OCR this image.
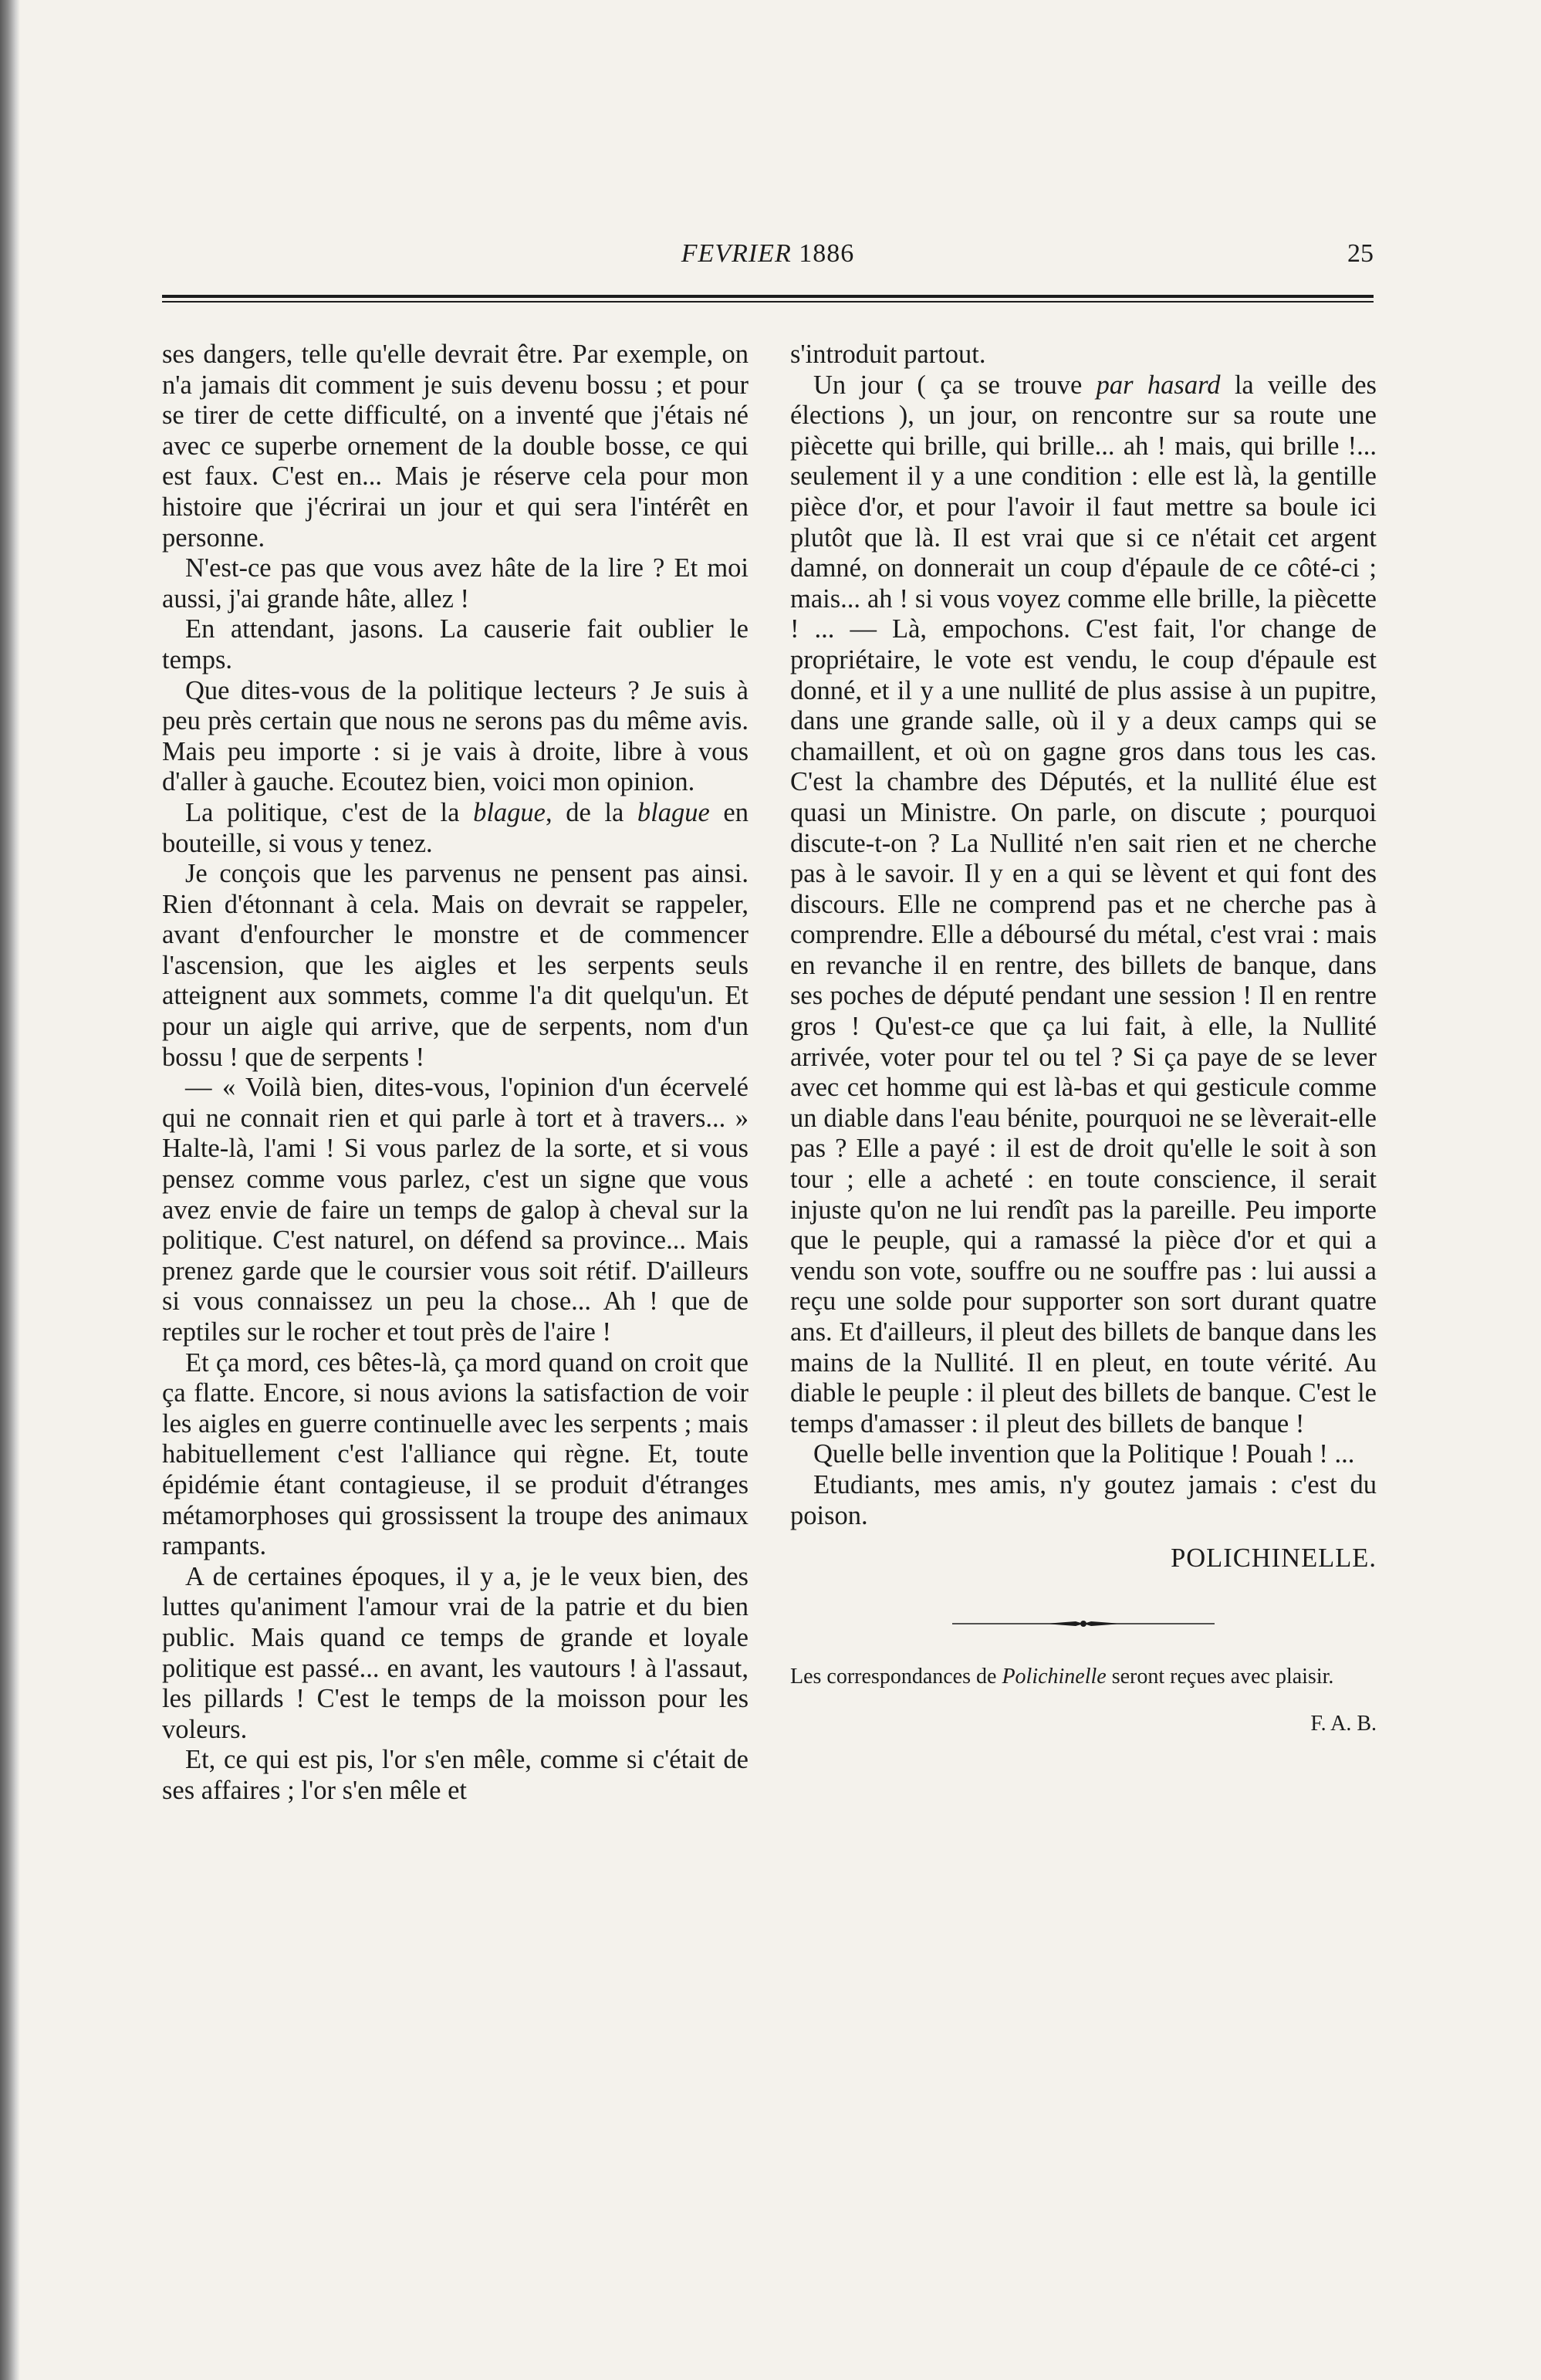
FEVRIER 1886	25

ses dangers, telle qu'elle devrait être. Par exemple, on n'a jamais dit comment je suis devenu bossu ; et pour se tirer de cette difficulté, on a inventé que j'étais né avec ce superbe ornement de la double bosse, ce qui est faux. C'est en... Mais je réserve cela pour mon histoire que j'écrirai un jour et qui sera l'intérêt en personne.

N'est-ce pas que vous avez hâte de la lire ? Et moi aussi, j'ai grande hâte, allez !

En attendant, jasons. La causerie fait oublier le temps.

Que dites-vous de la politique lecteurs ? Je suis à peu près certain que nous ne serons pas du même avis. Mais peu importe : si je vais à droite, libre à vous d'aller à gauche. Ecoutez bien, voici mon opinion.

La politique, c'est de la blague, de la blague en bouteille, si vous y tenez.

Je conçois que les parvenus ne pensent pas ainsi. Rien d'étonnant à cela. Mais on devrait se rappeler, avant d'enfourcher le monstre et de commencer l'ascension, que les aigles et les serpents seuls atteignent aux sommets, comme l'a dit quelqu'un. Et pour un aigle qui arrive, que de serpents, nom d'un bossu ! que de serpents !

— « Voilà bien, dites-vous, l'opinion d'un écervelé qui ne connait rien et qui parle à tort et à travers... » Halte-là, l'ami ! Si vous parlez de la sorte, et si vous pensez comme vous parlez, c'est un signe que vous avez envie de faire un temps de galop à cheval sur la politique. C'est naturel, on défend sa province... Mais prenez garde que le coursier vous soit rétif. D'ailleurs si vous connaissez un peu la chose... Ah ! que de reptiles sur le rocher et tout près de l'aire !

Et ça mord, ces bêtes-là, ça mord quand on croit que ça flatte. Encore, si nous avions la satisfaction de voir les aigles en guerre continuelle avec les serpents ; mais habituellement c'est l'alliance qui règne. Et, toute épidémie étant contagieuse, il se produit d'étranges métamorphoses qui grossissent la troupe des animaux rampants.

A de certaines époques, il y a, je le veux bien, des luttes qu'animent l'amour vrai de la patrie et du bien public. Mais quand ce temps de grande et loyale politique est passé... en avant, les vautours ! à l'assaut, les pillards ! C'est le temps de la moisson pour les voleurs.

Et, ce qui est pis, l'or s'en mêle, comme si c'était de ses affaires ; l'or s'en mêle et

s'introduit partout.

Un jour ( ça se trouve par hasard la veille des élections ), un jour, on rencontre sur sa route une piècette qui brille, qui brille... ah ! mais, qui brille !... seulement il y a une condition : elle est là, la gentille pièce d'or, et pour l'avoir il faut mettre sa boule ici plutôt que là. Il est vrai que si ce n'était cet argent damné, on donnerait un coup d'épaule de ce côté-ci ; mais... ah ! si vous voyez comme elle brille, la piècette ! ... — Là, empochons. C'est fait, l'or change de propriétaire, le vote est vendu, le coup d'épaule est donné, et il y a une nullité de plus assise à un pupitre, dans une grande salle, où il y a deux camps qui se chamaillent, et où on gagne gros dans tous les cas. C'est la chambre des Députés, et la nullité élue est quasi un Ministre. On parle, on discute ; pourquoi discute-t-on ? La Nullité n'en sait rien et ne cherche pas à le savoir. Il y en a qui se lèvent et qui font des discours. Elle ne comprend pas et ne cherche pas à comprendre. Elle a déboursé du métal, c'est vrai : mais en revanche il en rentre, des billets de banque, dans ses poches de député pendant une session ! Il en rentre gros ! Qu'est-ce que ça lui fait, à elle, la Nullité arrivée, voter pour tel ou tel ? Si ça paye de se lever avec cet homme qui est là-bas et qui gesticule comme un diable dans l'eau bénite, pourquoi ne se lèverait-elle pas ? Elle a payé : il est de droit qu'elle le soit à son tour ; elle a acheté : en toute conscience, il serait injuste qu'on ne lui rendît pas la pareille. Peu importe que le peuple, qui a ramassé la pièce d'or et qui a vendu son vote, souffre ou ne souffre pas : lui aussi a reçu une solde pour supporter son sort durant quatre ans. Et d'ailleurs, il pleut des billets de banque dans les mains de la Nullité. Il en pleut, en toute vérité. Au diable le peuple : il pleut des billets de banque. C'est le temps d'amasser : il pleut des billets de banque !

Quelle belle invention que la Politique ! Pouah ! ...

Etudiants, mes amis, n'y goutez jamais : c'est du poison.

POLICHINELLE.

Les correspondances de Polichinelle seront reçues avec plaisir.

F. A. B.
